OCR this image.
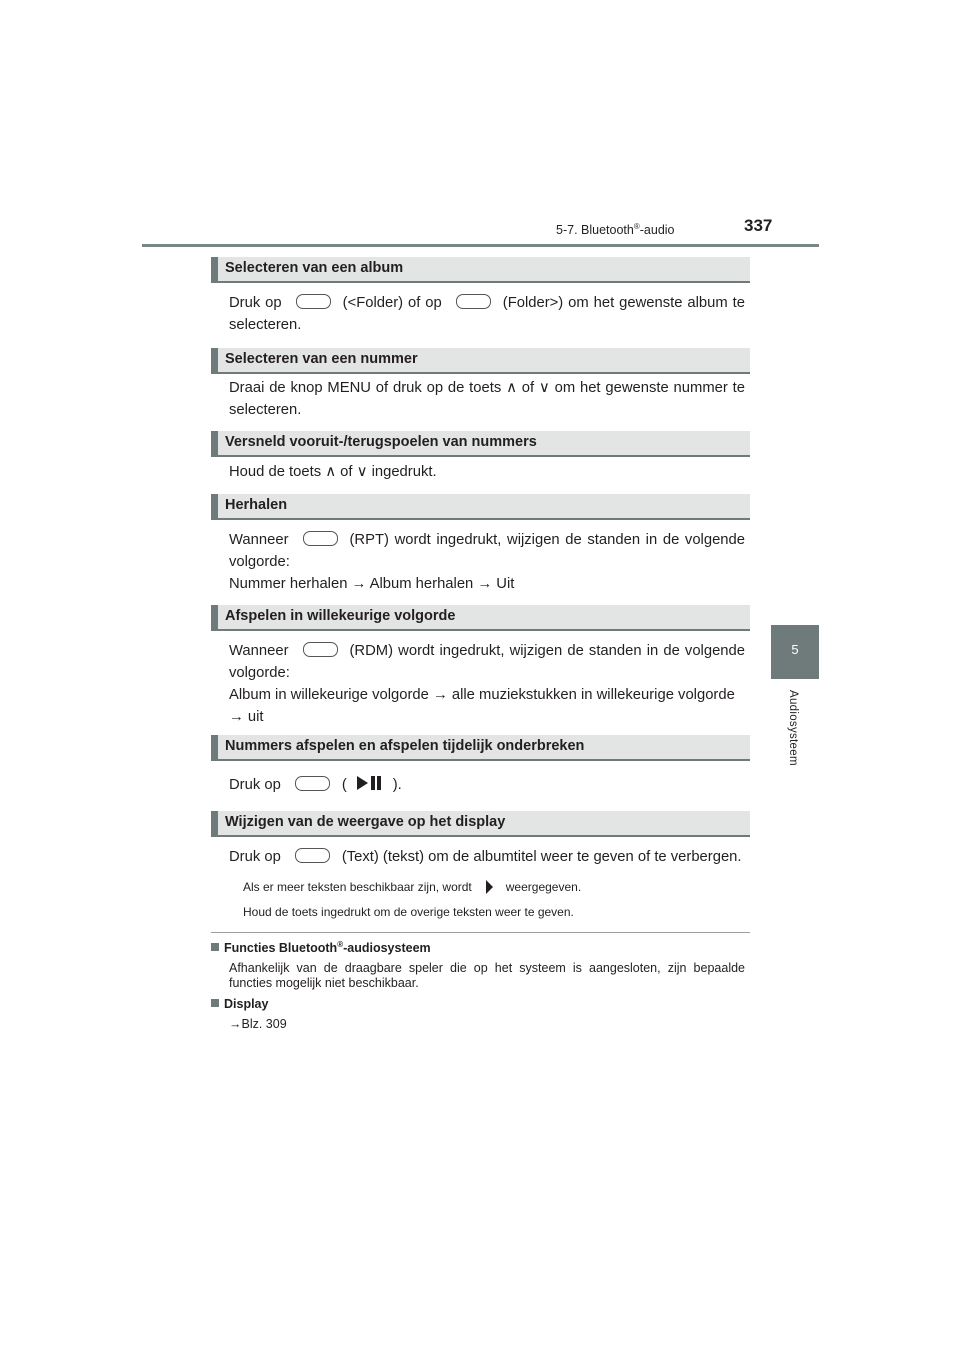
5-7. Bluetooth®-audio	337
5
Audiosysteem
Selecteren van een album
Druk op	(<Folder) of op	(Folder>) om het gewenste album te selecteren.
Selecteren van een nummer
Draai de knop MENU of druk op de toets ∧ of ∨ om het gewenste nummer te selecteren.
Versneld vooruit-/terugspoelen van nummers
Houd de toets ∧ of ∨ ingedrukt.
Herhalen
Wanneer	(RPT) wordt ingedrukt, wijzigen de standen in de volgende volgorde:
Nummer herhalen → Album herhalen → Uit
Afspelen in willekeurige volgorde
Wanneer	(RDM) wordt ingedrukt, wijzigen de standen in de volgende volgorde:
Album in willekeurige volgorde → alle muziekstukken in willekeurige volgorde → uit
Nummers afspelen en afspelen tijdelijk onderbreken
Druk op	(	).
Wijzigen van de weergave op het display
Druk op	(Text) (tekst) om de albumtitel weer te geven of te verbergen.
Als er meer teksten beschikbaar zijn, wordt	weergegeven.
Houd de toets ingedrukt om de overige teksten weer te geven.
Functies Bluetooth®-audiosysteem
Afhankelijk van de draagbare speler die op het systeem is aangesloten, zijn bepaalde functies mogelijk niet beschikbaar.
Display
→Blz. 309
